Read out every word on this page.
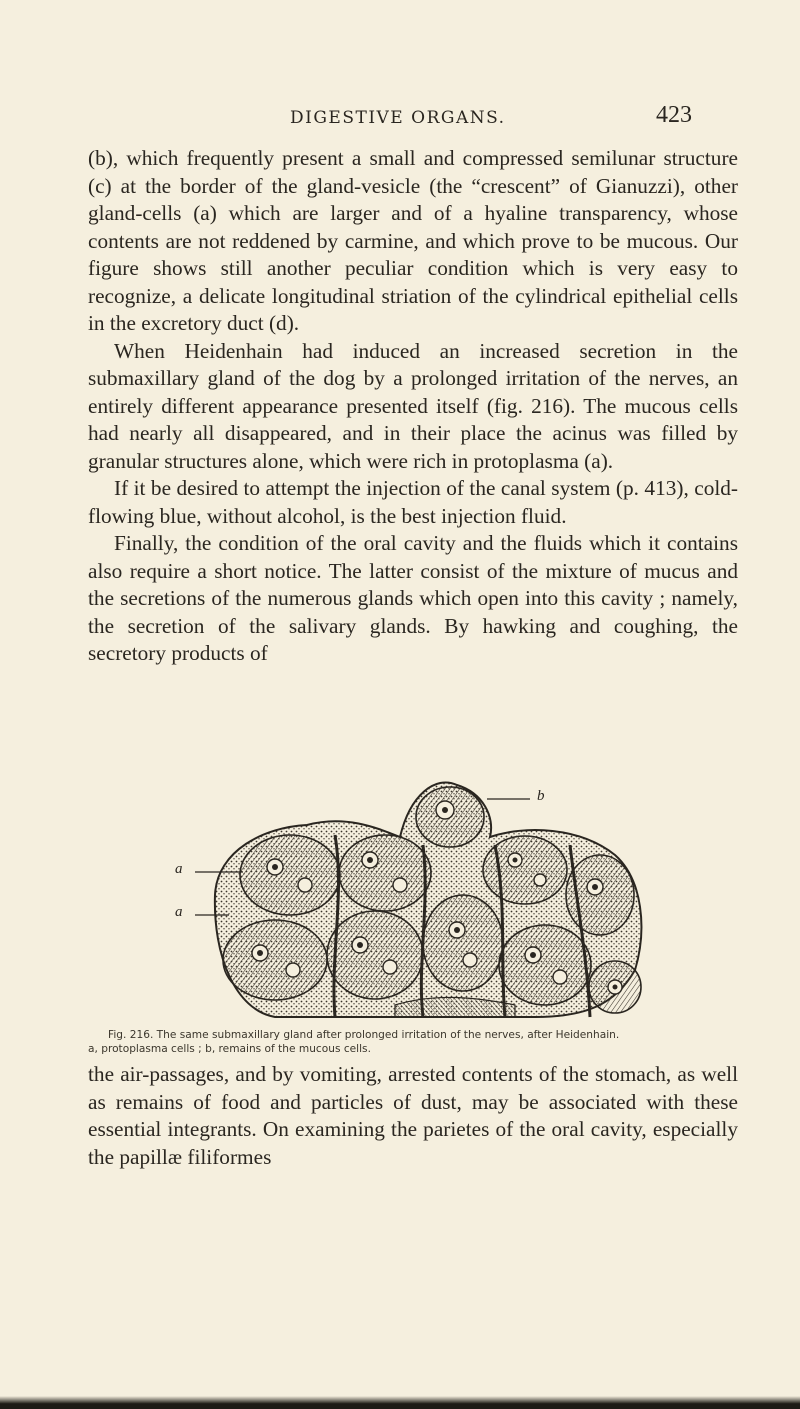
DIGESTIVE ORGANS.	423

(b), which frequently present a small and compressed semilunar structure (c) at the border of the gland-vesicle (the “crescent” of Gianuzzi), other gland-cells (a) which are larger and of a hyaline transparency, whose contents are not reddened by carmine, and which prove to be mucous. Our figure shows still another peculiar condition which is very easy to recognize, a delicate longitudinal striation of the cylindrical epithelial cells in the excretory duct (d).

When Heidenhain had induced an increased secretion in the submaxillary gland of the dog by a prolonged irritation of the nerves, an entirely different appearance presented itself (fig. 216). The mucous cells had nearly all disappeared, and in their place the acinus was filled by granular structures alone, which were rich in protoplasma (a).

If it be desired to attempt the injection of the canal system (p. 413), cold-flowing blue, without alcohol, is the best injection fluid.

Finally, the condition of the oral cavity and the fluids which it contains also require a short notice. The latter consist of the mixture of mucus and the secretions of the numerous glands which open into this cavity ; namely, the secretion of the salivary glands. By hawking and coughing, the secretory products of

b
a
a
Fig. 216. The same submaxillary gland after prolonged irritation of the nerves, after Heidenhain.
a, protoplasma cells ; b, remains of the mucous cells.

the air-passages, and by vomiting, arrested contents of the stomach, as well as remains of food and particles of dust, may be associated with these essential integrants. On examining the parietes of the oral cavity, especially the papillæ filiformes
